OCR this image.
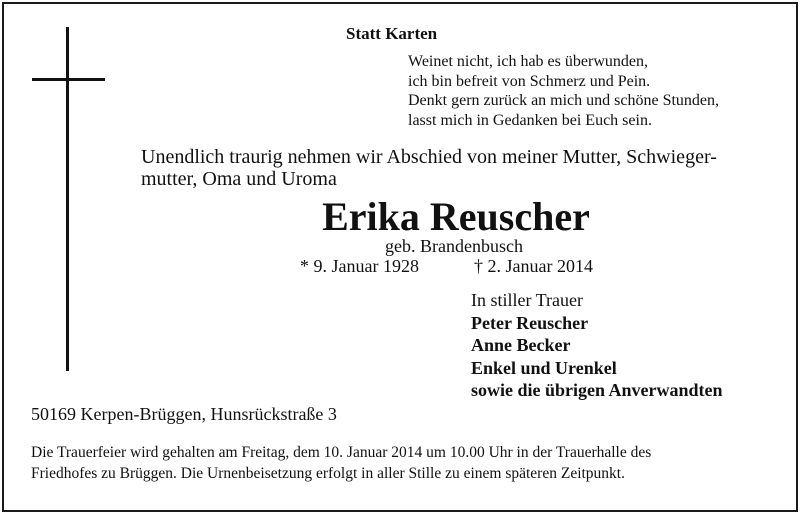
Statt Karten
Weinet nicht, ich hab es überwunden,
ich bin befreit von Schmerz und Pein.
Denkt gern zurück an mich und schöne Stunden,
lasst mich in Gedanken bei Euch sein.
Unendlich traurig nehmen wir Abschied von meiner Mutter, Schwieger-
mutter, Oma und Uroma
Erika Reuscher
geb. Brandenbusch
* 9. Januar 1928	† 2. Januar 2014
In stiller Trauer
Peter Reuscher
Anne Becker
Enkel und Urenkel
sowie die übrigen Anverwandten
50169 Kerpen-Brüggen, Hunsrückstraße 3
Die Trauerfeier wird gehalten am Freitag, dem 10. Januar 2014 um 10.00 Uhr in der Trauerhalle des
Friedhofes zu Brüggen. Die Urnenbeisetzung erfolgt in aller Stille zu einem späteren Zeitpunkt.
